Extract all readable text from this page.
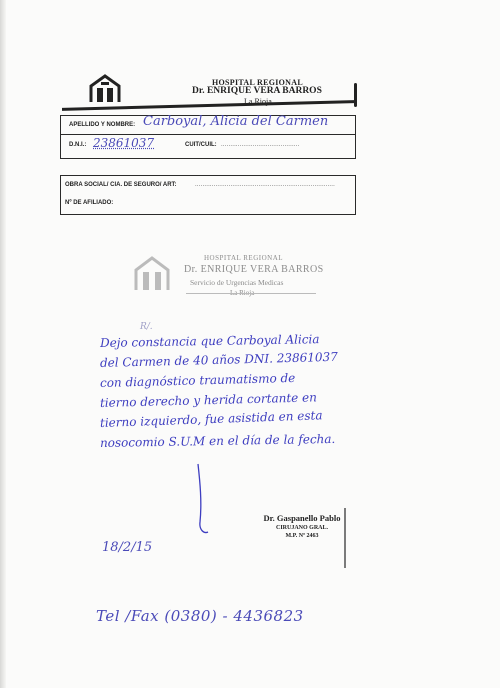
HOSPITAL REGIONAL
Dr. ENRIQUE VERA BARROS
La Rioja
APELLIDO Y NOMBRE: Carboyal, Alicia del Carmen
D.N.I.: 23861037	CUIT/CUIL: ..........................................
OBRA SOCIAL/ CIA. DE SEGURO/ ART:	...........................................................................
Nº DE AFILIADO:
HOSPITAL REGIONAL
Dr. ENRIQUE VERA BARROS
Servicio de Urgencias Medicas
La Rioja
R/.
Dejo constancia que Carboyal Alicia
del Carmen de 40 años DNI. 23861037
con diagnóstico traumatismo de
tierno derecho y herida cortante en
tierno izquierdo, fue asistida en esta
nosocomio S.U.M en el día de la fecha.
Dr. Gaspanello Pablo
CIRUJANO GRAL.
M.P. Nº 2463
18/2/15
Tel /Fax (0380) - 4436823
